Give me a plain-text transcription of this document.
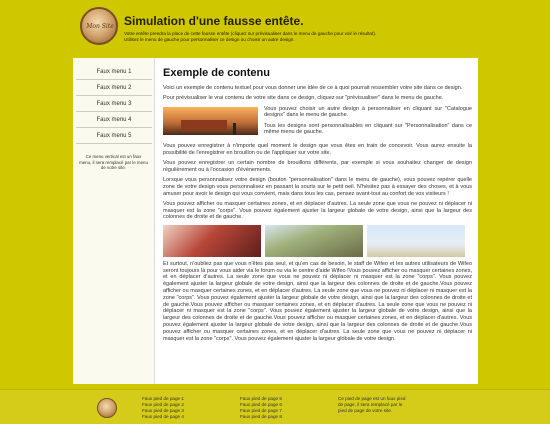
Mon Site Simulation d'une fausse entête.
Votre entête prendra la place de cette fausse entête (cliquez sur prévisualiser dans le menu de gauche pour voir le résultat).
Utilisez le menu de gauche pour personnaliser ce design ou choisir un autre design.
Faux menu 1
Faux menu 2
Faux menu 3
Faux menu 4
Faux menu 5
Ce menu vertical est un faux menu, il sera remplacé par le menu de votre site.
Exemple de contenu
Voici un exemple de contenu textuel pour vous donner une idée de ce à quoi pourrait ressembler votre site dans ce design.
Pour prévisualiser le vrai contenu de votre site dans ce design, cliquez sur "prévisualiser" dans le menu de gauche.
Vous pouvez choisir un autre design à personnaliser en cliquant sur "Catalogue designs" dans le menu de gauche.
Tous les designs sont personnalisables en cliquant sur "Personnalisation" dans ce même menu de gauche.
Vous pouvez enregistrer à n'importe quel moment le design que vous êtes en train de concevoir. Vous aurez ensuite la possibilité de l'enregistrer en brouillon ou de l'appliquer sur votre site.
Vous pouvez enregistrer un certain nombre de brouillons différents, par exemple si vous souhaitez changer de design régulièrement ou à l'occasion d'évènements.
Lorsque vous personnalisez votre design (bouton "personnalisation" dans le menu de gauche), vous pouvez repérer quelle zone de votre design vous personnalisez en passant la souris sur le petit oeil. N'hésitez pas à essayer des choses, et à vous amuser pour avoir le design qui vous convient, mais dans tous les cas, pensez avant-tout au confort de vos visiteurs !
Vous pouvez afficher ou masquer certaines zones, et en déplacer d'autres. La seule zone que vous ne pouvez ni déplacer ni masquer est la zone "corps". Vous pouvez également ajuster la largeur globale de votre design, ainsi que la largeur des colonnes de droite et de gauche.
Et surtout, n'oubliez pas que vous n'êtes pas seul, et qu'en cas de besoin, le staff de Wifeo et les autres utilisateurs de Wifeo seront toujours là pour vous aider via le forum ou via le centre d'aide Wifeo !Vous pouvez afficher ou masquer certaines zones, et en déplacer d'autres. La seule zone que vous ne pouvez ni déplacer ni masquer est la zone "corps". Vous pouvez également ajuster la largeur globale de votre design, ainsi que la largeur des colonnes de droite et de gauche.Vous pouvez afficher ou masquer certaines zones, et en déplacer d'autres. La seule zone que vous ne pouvez ni déplacer ni masquer est la zone "corps". Vous pouvez également ajuster la largeur globale de votre design, ainsi que la largeur des colonnes de droite et de gauche.Vous pouvez afficher ou masquer certaines zones, et en déplacer d'autres. La seule zone que vous ne pouvez ni déplacer ni masquer est la zone "corps". Vous pouvez également ajuster la largeur globale de votre design, ainsi que la largeur des colonnes de droite et de gauche.Vous pouvez afficher ou masquer certaines zones, et en déplacer d'autres. Vous pouvez également ajuster la largeur globale de votre design, ainsi que la largeur des colonnes de droite et de gauche.Vous pouvez afficher ou masquer certaines zones, et en déplacer d'autres. La seule zone que vous ne pouvez ni déplacer ni masquer est la zone "corps". Vous pouvez également ajuster la largeur globale de votre design.
Faux pied de page 1
Faux pied de page 2
Faux pied de page 3
Faux pied de page 4
Faux pied de page 5
Faux pied de page 6
Faux pied de page 7
Faux pied de page 8
Ce pied de page est un faux pied de page, il sera remplacé par le pied de page de votre site.
